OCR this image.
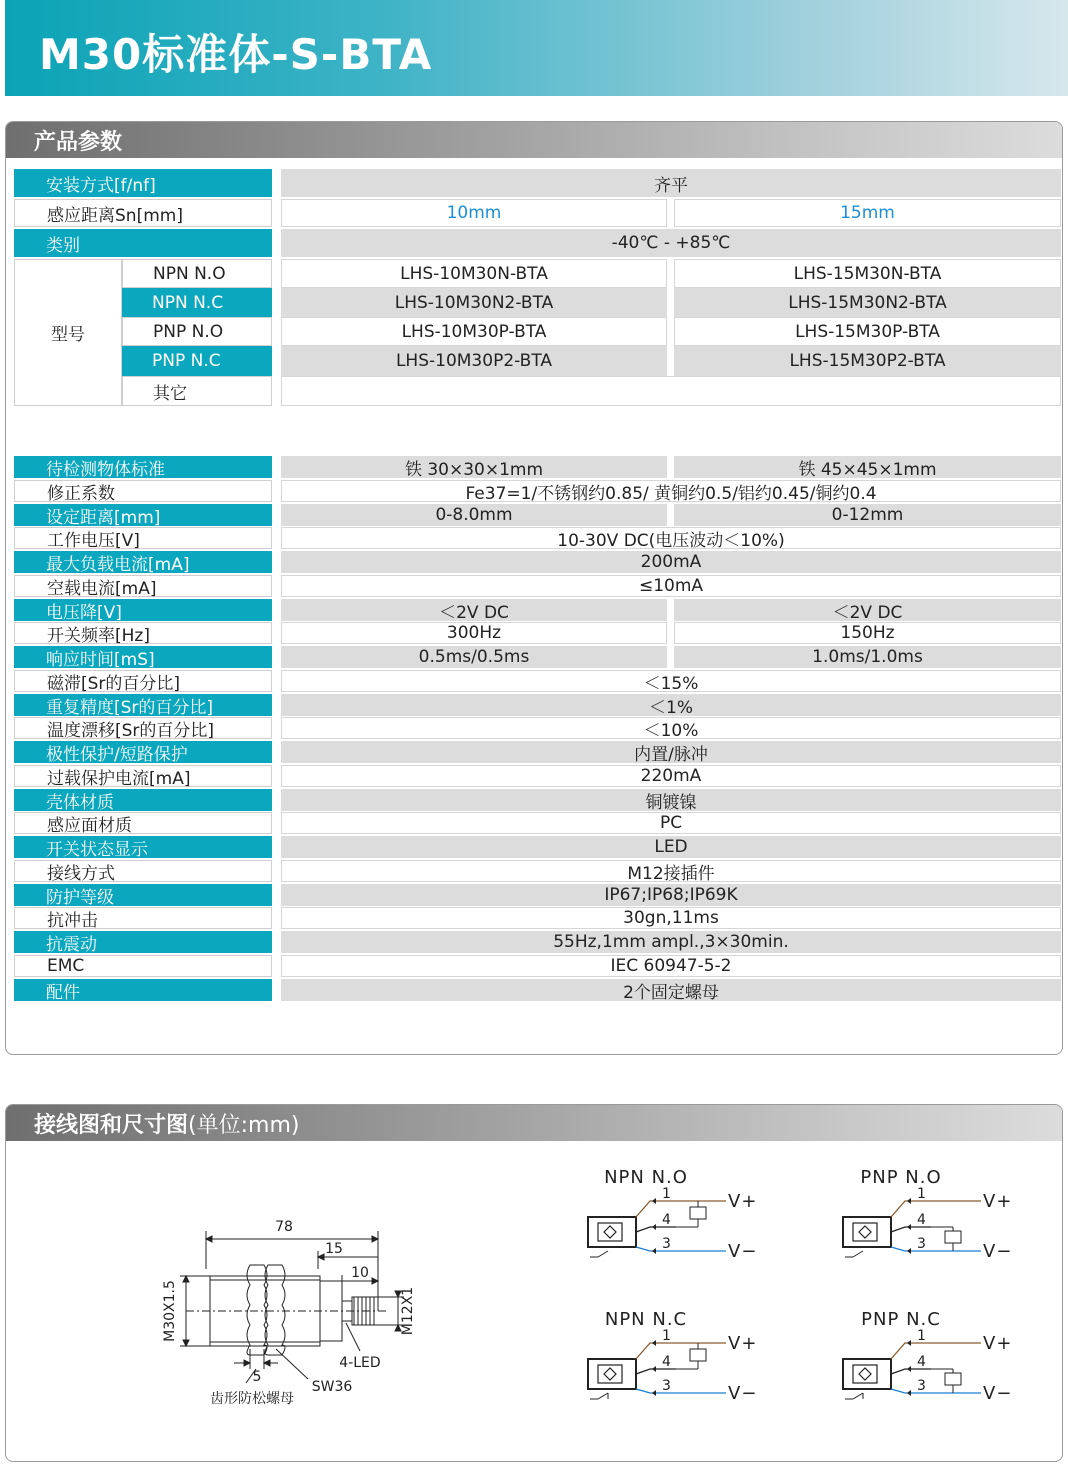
M30标准体-S-BTA
产品参数
安装方式[f/nf]	齐平
感应距离Sn[mm]	10mm	15mm
类别	-40℃ - +85℃
型号
NPN N.O	LHS-10M30N-BTA	LHS-15M30N-BTA
NPN N.C	LHS-10M30N2-BTA	LHS-15M30N2-BTA
PNP N.O	LHS-10M30P-BTA	LHS-15M30P-BTA
PNP N.C	LHS-10M30P2-BTA	LHS-15M30P2-BTA
其它
待检测物体标准	铁 30×30×1mm	铁 45×45×1mm
修正系数	Fe37=1/不锈钢约0.85/ 黄铜约0.5/铝约0.45/铜约0.4
设定距离[mm]	0-8.0mm	0-12mm
工作电压[V]	10-30V DC(电压波动＜10%)
最大负载电流[mA]	200mA
空载电流[mA]	≤10mA
电压降[V]	＜2V DC	＜2V DC
开关频率[Hz]	300Hz	150Hz
响应时间[mS]	0.5ms/0.5ms	1.0ms/1.0ms
磁滞[Sr的百分比]	＜15%
重复精度[Sr的百分比]	＜1%
温度漂移[Sr的百分比]	＜10%
极性保护/短路保护	内置/脉冲
过载保护电流[mA]	220mA
壳体材质	铜镀镍
感应面材质	PC
开关状态显示	LED
接线方式	M12接插件
防护等级	IP67;IP68;IP69K
抗冲击	30gn,11ms
抗震动	55Hz,1mm ampl.,3×30min.
EMC	IEC 60947-5-2
配件	2个固定螺母
接线图和尺寸图(单位:mm)
78
15
10
M30X1.5	M12X1
4-LED
5
SW36
齿形防松螺母
NPN N.O
1
4
3
V+
V−
PNP N.O
1
4
3
V+
V−
NPN N.C
1
4
3
V+
V−
PNP N.C
1
4
3
V+
V−
